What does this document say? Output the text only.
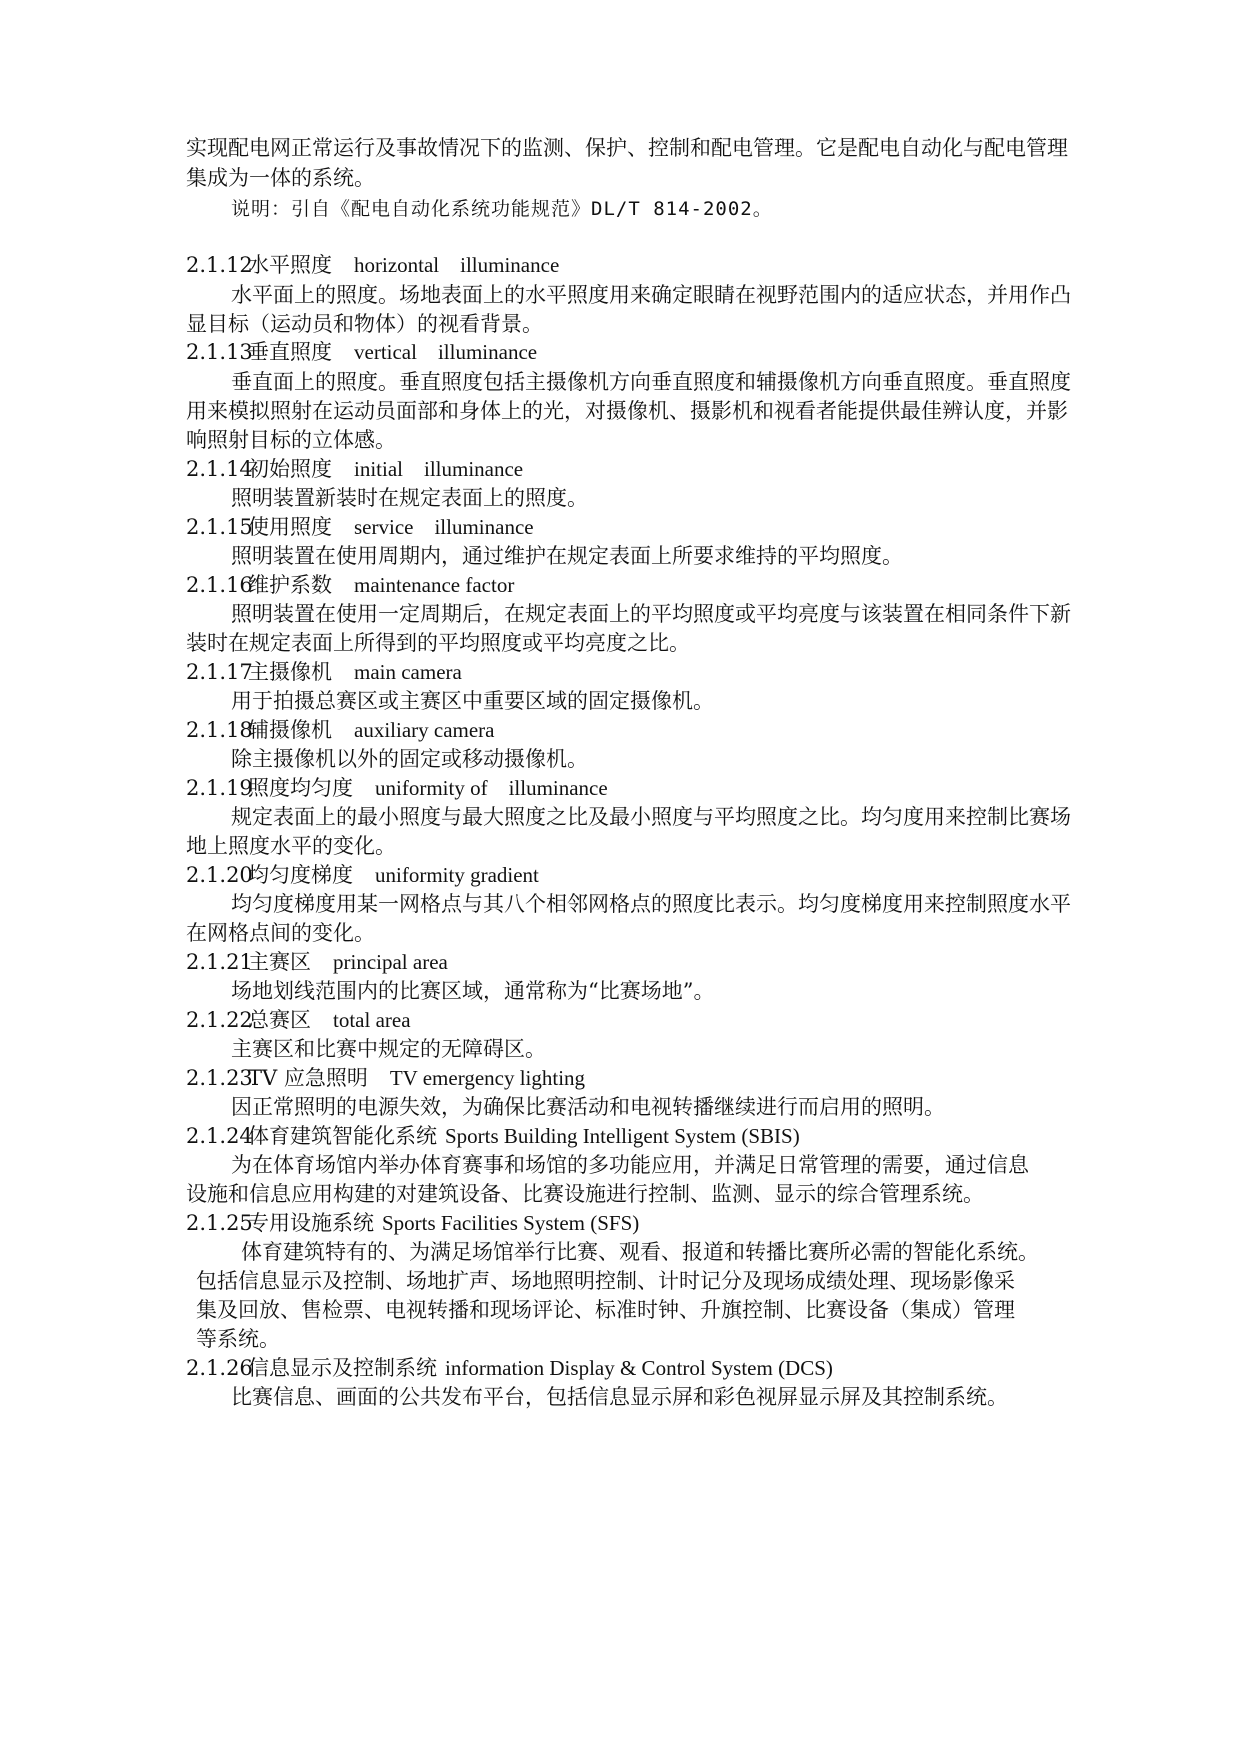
实现配电网正常运行及事故情况下的监测、保护、控制和配电管理。它是配电自动化与配电管理
集成为一体的系统。
说明：引自《配电自动化系统功能规范》DL/T 814-2002。
2.1.12水平照度 horizontal    illuminance
水平面上的照度。场地表面上的水平照度用来确定眼睛在视野范围内的适应状态，并用作凸
显目标（运动员和物体）的视看背景。
2.1.13垂直照度 vertical    illuminance
垂直面上的照度。垂直照度包括主摄像机方向垂直照度和辅摄像机方向垂直照度。垂直照度
用来模拟照射在运动员面部和身体上的光，对摄像机、摄影机和视看者能提供最佳辨认度，并影
响照射目标的立体感。
2.1.14初始照度 initial    illuminance
照明装置新装时在规定表面上的照度。
2.1.15使用照度 service    illuminance
照明装置在使用周期内，通过维护在规定表面上所要求维持的平均照度。
2.1.16维护系数 maintenance factor
照明装置在使用一定周期后，在规定表面上的平均照度或平均亮度与该装置在相同条件下新
装时在规定表面上所得到的平均照度或平均亮度之比。
2.1.17主摄像机 main camera
用于拍摄总赛区或主赛区中重要区域的固定摄像机。
2.1.18辅摄像机 auxiliary camera
除主摄像机以外的固定或移动摄像机。
2.1.19照度均匀度 uniformity of    illuminance
规定表面上的最小照度与最大照度之比及最小照度与平均照度之比。均匀度用来控制比赛场
地上照度水平的变化。
2.1.20均匀度梯度 uniformity gradient
均匀度梯度用某一网格点与其八个相邻网格点的照度比表示。均匀度梯度用来控制照度水平
在网格点间的变化。
2.1.21主赛区 principal area
场地划线范围内的比赛区域，通常称为“比赛场地”。
2.1.22总赛区 total area
主赛区和比赛中规定的无障碍区。
2.1.23TV 应急照明 TV emergency lighting
因正常照明的电源失效，为确保比赛活动和电视转播继续进行而启用的照明。
2.1.24体育建筑智能化系统 Sports Building Intelligent System (SBIS)
为在体育场馆内举办体育赛事和场馆的多功能应用，并满足日常管理的需要，通过信息
设施和信息应用构建的对建筑设备、比赛设施进行控制、监测、显示的综合管理系统。
2.1.25专用设施系统 Sports Facilities System (SFS)
体育建筑特有的、为满足场馆举行比赛、观看、报道和转播比赛所必需的智能化系统。
包括信息显示及控制、场地扩声、场地照明控制、计时记分及现场成绩处理、现场影像采
集及回放、售检票、电视转播和现场评论、标准时钟、升旗控制、比赛设备（集成）管理
等系统。
2.1.26信息显示及控制系统 information Display & Control System (DCS)
比赛信息、画面的公共发布平台，包括信息显示屏和彩色视屏显示屏及其控制系统。
